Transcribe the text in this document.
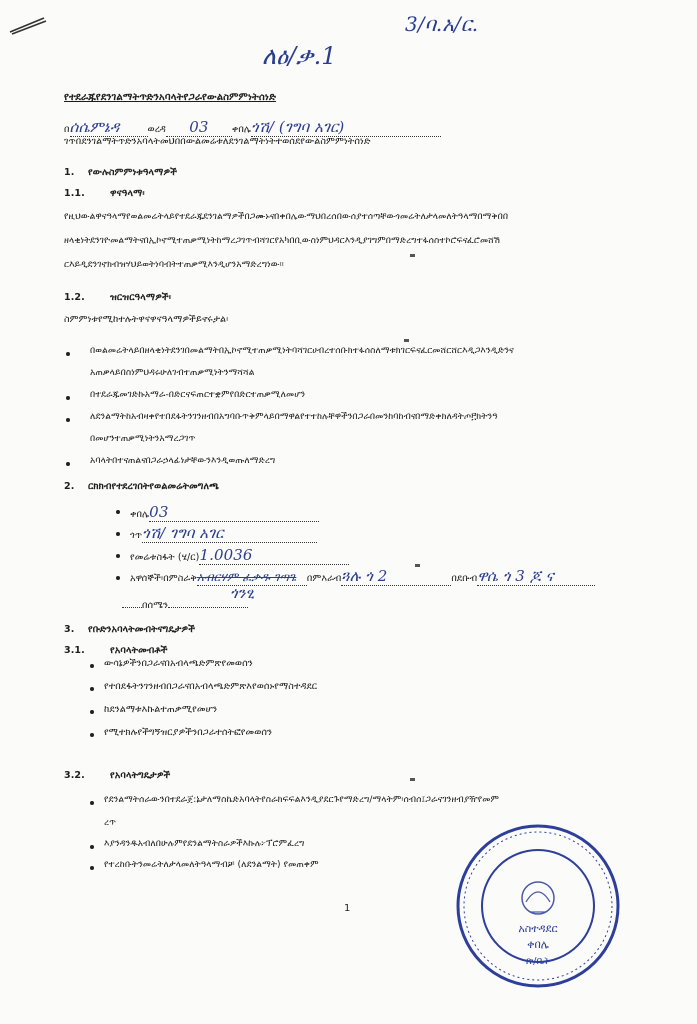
3/ባ.አ/ር.
ለዕ/ቃ.1
የተደራጁየደንገልማትጥድንአባላትየጋራየውልስምምነትሰነድ
በሰሴምኔዳ	ወረዳ 03 ቀበሌጎሽ/ (ገግባ አገር)
ገጥበደንገልማትጥድንአባላትመህበበውልመሬቱለደንገልማትነትተወሰደየውልስምምነትሰነድ
1. የውሉስምምነቱዓላማዎች
1.1.	ዋናዓላማ፡
የዚህውልዋናዓላማየወልመሬትላይየተደራጁደንገልማዎችበጋሙኑናበቀበሌውማህበረሰበውሰያተሰጣቸውጎመሬትለታላመለትዓላማበማቅበበ
ዘላቂነትደንገዮመልማትናበኢኮኖሚተጠቃሚነትከማረጋገጥብሻገርየአካበቢውስነምህዳርእንዲያገግምበማድረግተፋሰስተኮሮፍናፈሮመሸሽ
ርእይዲደንገኖክብዝሃህይወትነባብትተጠቃሚእንዲሆንአማድረግነው።
1.2.	ዝርዝርዓላማዎች፡
ስምምነቱየሚከተሉትዋናዋናዓላማዎችይኖሩታል፡
በወልመሬትላይበዘላቂነትደንገበመልማትበኢኮኖሚተጠቃሚነትባሻገርሀብረተሰቡክተፋሰስለማቱክገርፍናፈርመሸርሸርእዲጋእንዲድንና
አጠቃላይበስነምህዳሩሁለገብተጠቃሚነትንማሻሻል
በተደራጁመገድኩአማራ-በድርናፍጠርተቋምየበድርተጠቃሚለመሆን
ለደንልማትከአብዛቀየተበደፋትንገንዘብበአግባቡጥቅምላይበማዋልየተተከሉቸዋችንበጋራበመንከባከብናበማድቀክለዳትጦ፫ክትንዓ
በመሆንተጠቃሚነትንአማረጋገጥ
አባላትበተናጠልናበጋራኃላፊነታቸውንእንዲወጡለማድረግ
2. ርክክብየተደረገበትየወልመሬትመግለጫ
ቀበሌ03
ጎጥጎሽ/ ገግባ አገር
የመሬቱስፋት (ሄ/ር)1.0036
አዋሰኞች፡በምስራቅአብርሃም ፈቃዱ ገጣጌ በምእራብጓሉ ጎ 2	በደቡብዋሴ ጎ 3 ጆ ና
ጎንፂ
በሰሜን
3. የቡድንአባላትመብትናግዴታዎች
3.1.	የአባላትመብቶች
ውሳኔዎችንበጋራናበአብላጫድምጽየመወሰን
የተበደፋትንገንዘብበጋራናበአብላጫድምጽእየወሰኑየማስተዳደር
ከደንልማቱእኩልተጠቃሚየመሆን
የሚተክሉየችግኝዝርያዎችንበጋራተሰትፎየመወሰን
3.2.	የአባላትግዴታዎች
የደንልማትሰራውንበተደራጀ:ኔታለማስኬድአባላትየስራክፍፍልእንዲያደርጉየማድረግ/ማላትም፡ሰብሰ፤ጋራናገንዘብያዥየመም
ረጥ
እያንዳንዱአብለበሁሉምየደንልማትስራዎችእኩሉ፦ፕሮምፈረግ
የተረከቡትንመሬትለታላመለትዓላማብቻ (ለደንልማት) የመጠቀም
1
አስተዳደር
ቀበሌ
ጽ/ቤት
